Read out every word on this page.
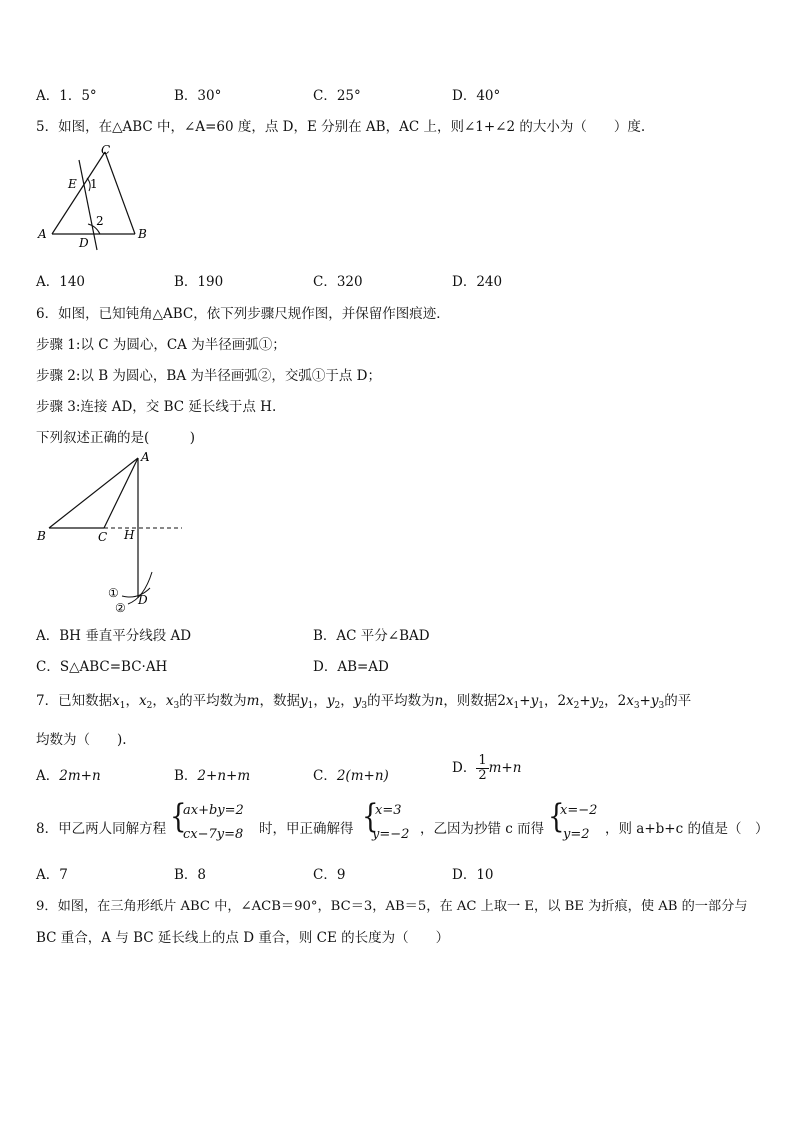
A．1．5°	B．30°	C．25°	D．40°
5．如图，在△ABC 中，∠A=60 度，点 D，E 分别在 AB，AC 上，则∠1+∠2 的大小为（　　）度.
C
E 1
2
A	B
D
A．140	B．190	C．320	D．240
6．如图，已知钝角△ABC，依下列步骤尺规作图，并保留作图痕迹．
步骤 1:以 C 为圆心，CA 为半径画弧①；
步骤 2:以 B 为圆心，BA 为半径画弧②，交弧①于点 D；
步骤 3:连接 AD，交 BC 延长线于点 H.
下列叙述正确的是(　　　)
A
B	C H
D
①
②
A．BH 垂直平分线段 AD	B．AC 平分∠BAD
C．S△ABC=BC·AH	D．AB=AD
7．已知数据$x_1$，$x_2$，$x_3$的平均数为m，数据$y_1$，$y_2$，$y_3$的平均数为n，则数据$2x_1+y_1$，$2x_2+y_2$，$2x_3+y_3$的平
均数为（　　).
A．2m+n	B．2+n+m	C．2(m+n)	D． $\frac{1}{2} m+n$
8．甲乙两人同解方程 {
ax+by=2
cx−7y=8 时，甲正确解得 {
x=3
y=−2 ，乙因为抄错 c 而得 {
x=−2
y=2 ，则 a+b+c 的值是（　）
A．7	B．8	C．9	D．10
9．如图，在三角形纸片 ABC 中，∠ACB＝90°，BC＝3，AB＝5，在 AC 上取一 E，以 BE 为折痕，使 AB 的一部分与
BC 重合，A 与 BC 延长线上的点 D 重合，则 CE 的长度为（　　）
